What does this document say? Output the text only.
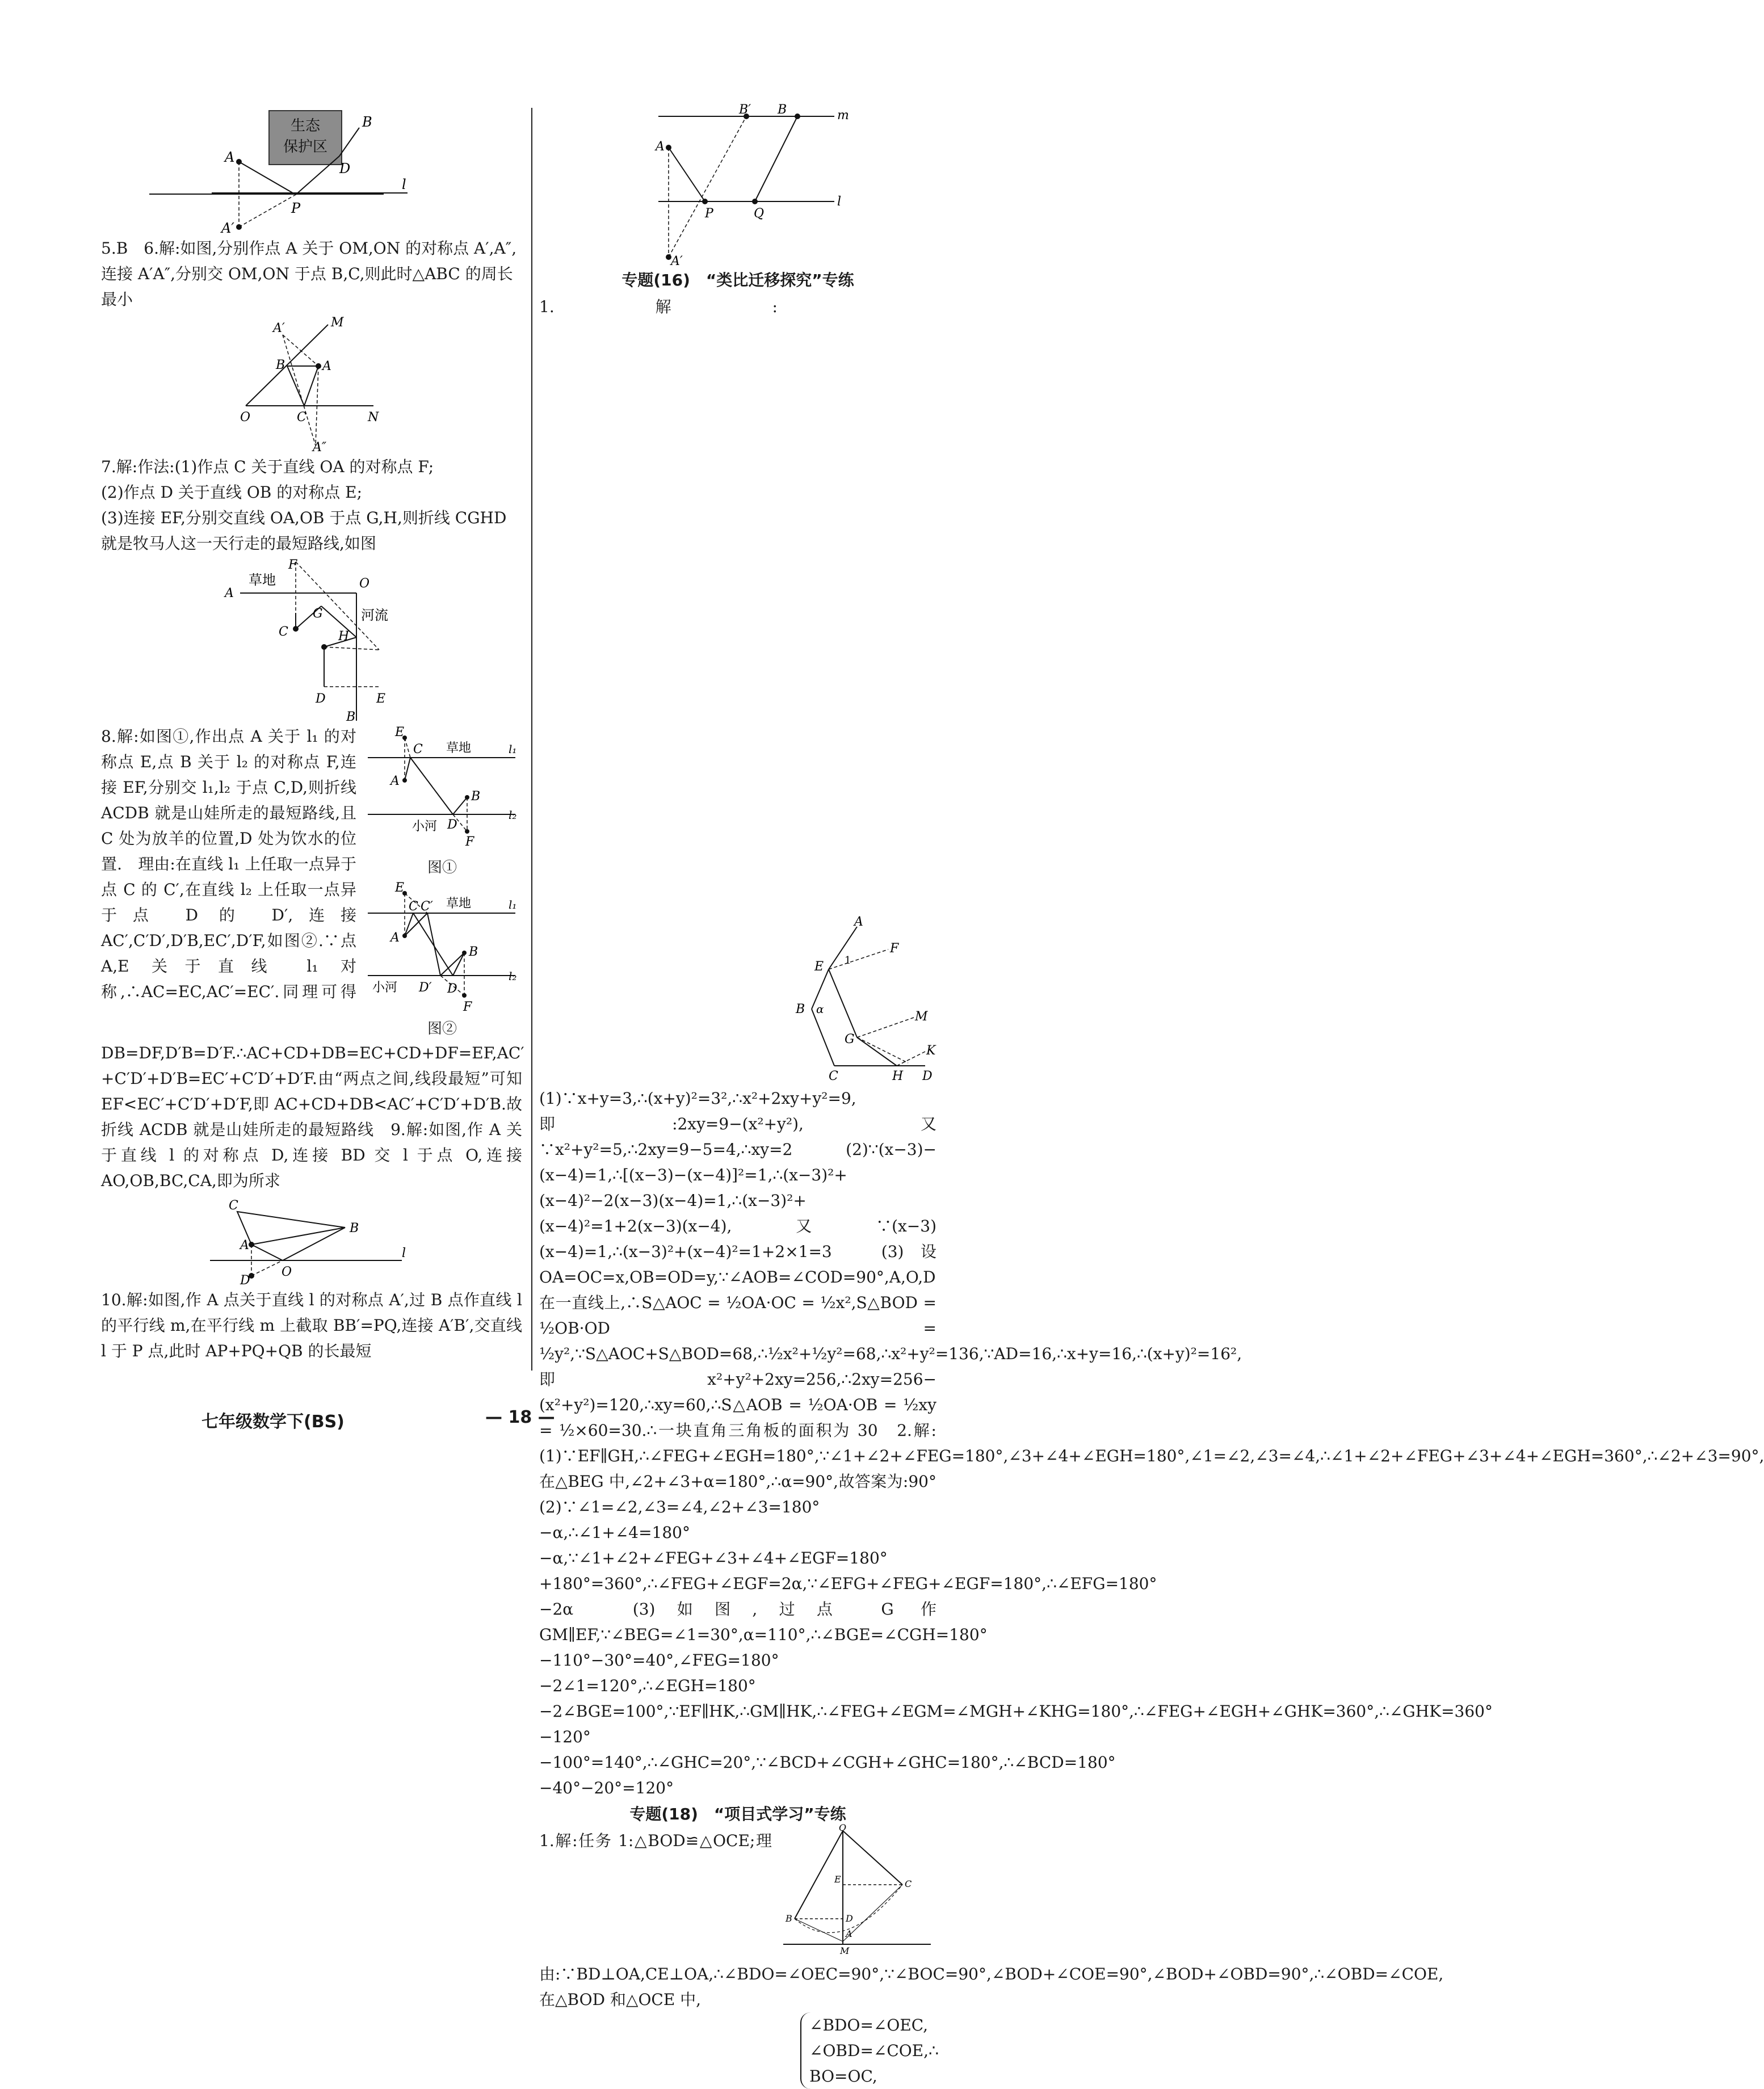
生态
保护区
A
B
D
P
l
A′
5.B　6.解:如图,分别作点 A 关于 OM,ON 的对称点 A′,A″,连接 A′A″,分别交 OM,ON 于点 B,C,则此时△ABC 的周长最小
A′	M
B	A
O	C	N
A″
7.解:作法:(1)作点 C 关于直线 OA 的对称点 F;
(2)作点 D 关于直线 OB 的对称点 E;
(3)连接 EF,分别交直线 OA,OB 于点 G,H,则折线 CGHD 就是牧马人这一天行走的最短路线,如图
F
草地	O
A
G	河流
C	H
D	E
B
E
C 草地	l₁
A
B
小河 D
l₂
F
图①
E
C C′ 草地	l₁
A
B
小河 D′ D
l₂
F
图②
8.解:如图①,作出点 A 关于 l₁ 的对称点 E,点 B 关于 l₂ 的对称点 F,连接 EF,分别交 l₁,l₂ 于点 C,D,则折线 ACDB 就是山娃所走的最短路线,且 C 处为放羊的位置,D 处为饮水的位置.　理由:在直线 l₁ 上任取一点异于点 C 的 C′,在直线 l₂ 上任取一点异于点 D 的 D′,连接 AC′,C′D′,D′B,EC′,D′F,如图②.∵点 A,E 关于直线 l₁ 对称,∴AC=EC,AC′=EC′.同理可得 DB=DF,D′B=D′F.∴AC+CD+DB=EC+CD+DF=EF,AC′+C′D′+D′B=EC′+C′D′+D′F.由“两点之间,线段最短”可知 EF<EC′+C′D′+D′F,即 AC+CD+DB<AC′+C′D′+D′B.故折线 ACDB 就是山娃所走的最短路线　9.解:如图,作 A 关于直线 l 的对称点 D,连接 BD 交 l 于点 O,连接 AO,OB,BC,CA,即为所求
C
B
A
l
D
O
10.解:如图,作 A 点关于直线 l 的对称点 A′,过 B 点作直线 l 的平行线 m,在平行线 m 上截取 BB′=PQ,连接 A′B′,交直线 l 于 P 点,此时 AP+PQ+QB 的长最短
B′ B	m
A
P	Q
l
A′
专题(16)　“类比迁移探究”专练
A
1
F
E
M
B α
G
K
C	H D
1.解:(1)∵x+y=3,∴(x+y)²=3²,∴x²+2xy+y²=9,即:2xy=9−(x²+y²),又∵x²+y²=5,∴2xy=9−5=4,∴xy=2　(2)∵(x−3)−(x−4)=1,∴[(x−3)−(x−4)]²=1,∴(x−3)²+(x−4)²−2(x−3)(x−4)=1,∴(x−3)²+(x−4)²=1+2(x−3)(x−4),又∵(x−3)(x−4)=1,∴(x−3)²+(x−4)²=1+2×1=3　(3)设 OA=OC=x,OB=OD=y,∵∠AOB=∠COD=90°,A,O,D 在一直线上,∴S△AOC = ½OA·OC = ½x²,S△BOD = ½OB·OD = ½y²,∵S△AOC+S△BOD=68,∴½x²+½y²=68,∴x²+y²=136,∵AD=16,∴x+y=16,∴(x+y)²=16²,即 x²+y²+2xy=256,∴2xy=256−(x²+y²)=120,∴xy=60,∴S△AOB = ½OA·OB = ½xy = ½×60=30.∴一块直角三角板的面积为 30　2.解:(1)∵EF∥GH,∴∠FEG+∠EGH=180°,∵∠1+∠2+∠FEG=180°,∠3+∠4+∠EGH=180°,∠1=∠2,∠3=∠4,∴∠1+∠2+∠FEG+∠3+∠4+∠EGH=360°,∴∠2+∠3=90°,在△BEG 中,∠2+∠3+α=180°,∴α=90°,故答案为:90°　(2)∵∠1=∠2,∠3=∠4,∠2+∠3=180°−α,∴∠1+∠4=180°−α,∵∠1+∠2+∠FEG+∠3+∠4+∠EGF=180°+180°=360°,∴∠FEG+∠EGF=2α,∵∠EFG+∠FEG+∠EGF=180°,∴∠EFG=180°−2α　(3)如图,过点 G 作 GM∥EF,∵∠BEG=∠1=30°,α=110°,∴∠BGE=∠CGH=180°−110°−30°=40°,∠FEG=180°−2∠1=120°,∴∠EGH=180°−2∠BGE=100°,∵EF∥HK,∴GM∥HK,∴∠FEG+∠EGM=∠MGH+∠KHG=180°,∴∠FEG+∠EGH+∠GHK=360°,∴∠GHK=360°−120°−100°=140°,∴∠GHC=20°,∵∠BCD+∠CGH+∠GHC=180°,∴∠BCD=180°−40°−20°=120°
专题(18)　“项目式学习”专练
O
E	C
B	D
A
M
1.解:任务 1:△BOD≌△OCE;理由:∵BD⊥OA,CE⊥OA,∴∠BDO=∠OEC=90°,∵∠BOC=90°,∠BOD+∠COE=90°,∠BOD+∠OBD=90°,∴∠OBD=∠COE,在△BOD 和△OCE 中,
∠BDO=∠OEC,
∠OBD=∠COE,∴
BO=OC,
七年级数学下(BS)	— 18 —
